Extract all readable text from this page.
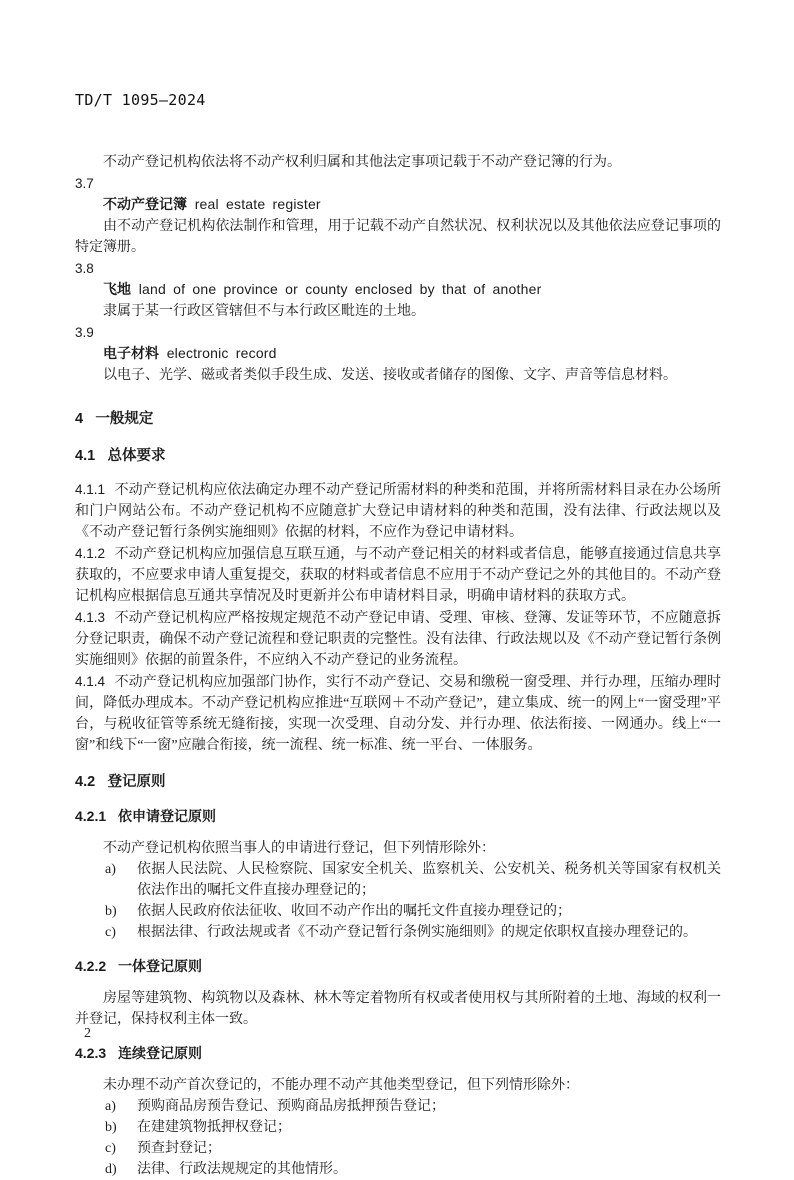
TD/T 1095—2024

不动产登记机构依法将不动产权利归属和其他法定事项记载于不动产登记簿的行为。

3.7
不动产登记簿 real estate register

由不动产登记机构依法制作和管理，用于记载不动产自然状况、权利状况以及其他依法应登记事项的特定簿册。

3.8
飞地 land of one province or county enclosed by that of another

隶属于某一行政区管辖但不与本行政区毗连的土地。

3.9
电子材料 electronic record

以电子、光学、磁或者类似手段生成、发送、接收或者储存的图像、文字、声音等信息材料。

4 一般规定
4.1 总体要求

4.1.1 不动产登记机构应依法确定办理不动产登记所需材料的种类和范围，并将所需材料目录在办公场所和门户网站公布。不动产登记机构不应随意扩大登记申请材料的种类和范围，没有法律、行政法规以及《不动产登记暂行条例实施细则》依据的材料，不应作为登记申请材料。

4.1.2 不动产登记机构应加强信息互联互通，与不动产登记相关的材料或者信息，能够直接通过信息共享获取的，不应要求申请人重复提交，获取的材料或者信息不应用于不动产登记之外的其他目的。不动产登记机构应根据信息互通共享情况及时更新并公布申请材料目录，明确申请材料的获取方式。

4.1.3 不动产登记机构应严格按规定规范不动产登记申请、受理、审核、登簿、发证等环节，不应随意拆分登记职责，确保不动产登记流程和登记职责的完整性。没有法律、行政法规以及《不动产登记暂行条例实施细则》依据的前置条件，不应纳入不动产登记的业务流程。

4.1.4 不动产登记机构应加强部门协作，实行不动产登记、交易和缴税一窗受理、并行办理，压缩办理时间，降低办理成本。不动产登记机构应推进“互联网＋不动产登记”，建立集成、统一的网上“一窗受理”平台，与税收征管等系统无缝衔接，实现一次受理、自动分发、并行办理、依法衔接、一网通办。线上“一窗”和线下“一窗”应融合衔接，统一流程、统一标准、统一平台、一体服务。

4.2 登记原则
4.2.1 依申请登记原则

不动产登记机构依照当事人的申请进行登记，但下列情形除外：

a) 依据人民法院、人民检察院、国家安全机关、监察机关、公安机关、税务机关等国家有权机关依法作出的嘱托文件直接办理登记的；
b) 依据人民政府依法征收、收回不动产作出的嘱托文件直接办理登记的；
c) 根据法律、行政法规或者《不动产登记暂行条例实施细则》的规定依职权直接办理登记的。
4.2.2 一体登记原则

房屋等建筑物、构筑物以及森林、林木等定着物所有权或者使用权与其所附着的土地、海域的权利一并登记，保持权利主体一致。

4.2.3 连续登记原则

未办理不动产首次登记的，不能办理不动产其他类型登记，但下列情形除外：

a) 预购商品房预告登记、预购商品房抵押预告登记；
b) 在建建筑物抵押权登记；
c) 预查封登记；
d) 法律、行政法规规定的其他情形。
2
